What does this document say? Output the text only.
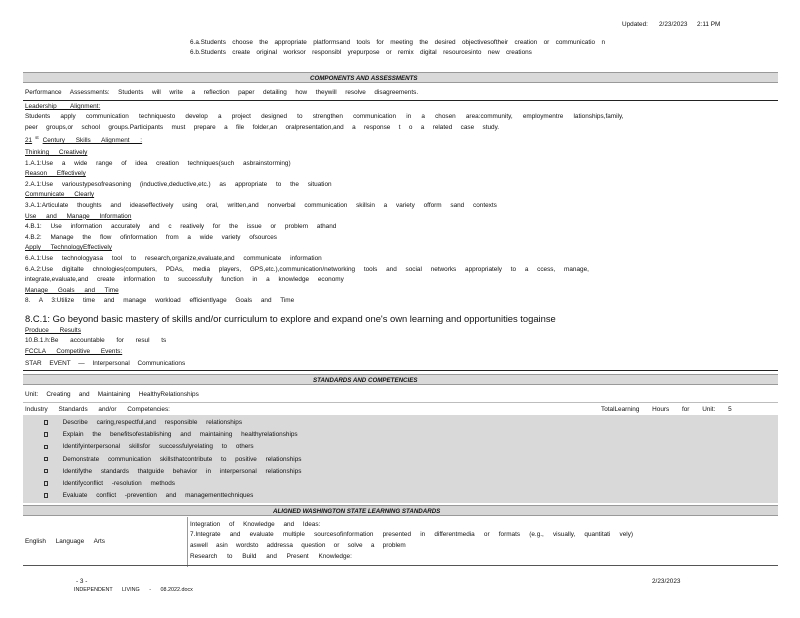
Updated: 2/23/2023 2:11 PM
6.a.Students choose the appropriate platformsand tools for meeting the desired objectivesoftheir creation or communicatio n
6.b.Students create original worksor responsibl yrepurpose or remix digital resourcesinto new creations
COMPONENTS AND ASSESSMENTS
Performance Assessments: Students will write a reflection paper detailing how theywill resolve disagreements.
Leadership Alignment:
Students apply communication techniquesto develop a project designed to strengthen communication in a chosen area:community, employmentre lationships,family,
peer groups,or school groups.Participants must prepare a file folder,an oralpresentation,and a response t o a related case study.
21 $^{st}$ Century Skills Alignment :
Thinking Creatively
1.A.1:Use a wide range of idea creation techniques(such asbrainstorming)
Reason Effectively
2.A.1:Use varioustypesofreasoning (inductive,deductive,etc.) as appropriate to the situation
Communicate Clearly
3.A.1:Articulate thoughts and ideaseffectively using oral, written,and nonverbal communication skillsin a variety ofform sand contexts
Use and Manage Information
4.B.1: Use information accurately and c reatively for the issue or problem athand
4.B.2: Manage the flow ofinformation from a wide variety ofsources
Apply TechnologyEffectively
6.A.1:Use technologyasa tool to research,organize,evaluate,and communicate information
6.A.2:Use digitalte chnologies(computers, PDAs, media players, GPS,etc.),communication/networking tools and social networks appropriately to a ccess, manage,
integrate,evaluate,and create information to successfully function in a knowledge economy
Manage Goals and Time
8. A 3:Utilize time and manage workload efficientlyage Goals and Time
8.C.1: Go beyond basic mastery of skills and/or curriculum to explore and expand one's own learning and opportunities togainse
Produce Results
10.B.1.h:Be accountable for resul ts
FCCLA Competitive Events:
STAR EVENT — Interpersonal Communications
STANDARDS AND COMPETENCIES
Unit: Creating and Maintaining HealthyRelationships
Industry Standards and/or Competencies:	TotalLearning Hours for Unit: 5
Describe caring,respectful,and responsible relationships
Explain the benefitsofestablishing and maintaining healthyrelationships
Identifyinterpersonal skillsfor successfulyrelating to others
Demonstrate communication skillsthatcontribute to positive relationships
Identifythe standards thatguide behavior in interpersonal relationships
Identifyconflict -resolution methods
Evaluate conflict -prevention and managementtechniques
ALIGNED WASHINGTON STATE LEARNING STANDARDS
English Language Arts
Integration of Knowledge and Ideas:
7.Integrate and evaluate multiple sourcesofinformation presented in differentmedia or formats (e.g., visually, quantitati vely)
aswell asin wordsto addressa question or solve a problem
Research to Build and Present Knowledge:
- 3 -
INDEPENDENT LIVING - 08.2022.docx
2/23/2023
